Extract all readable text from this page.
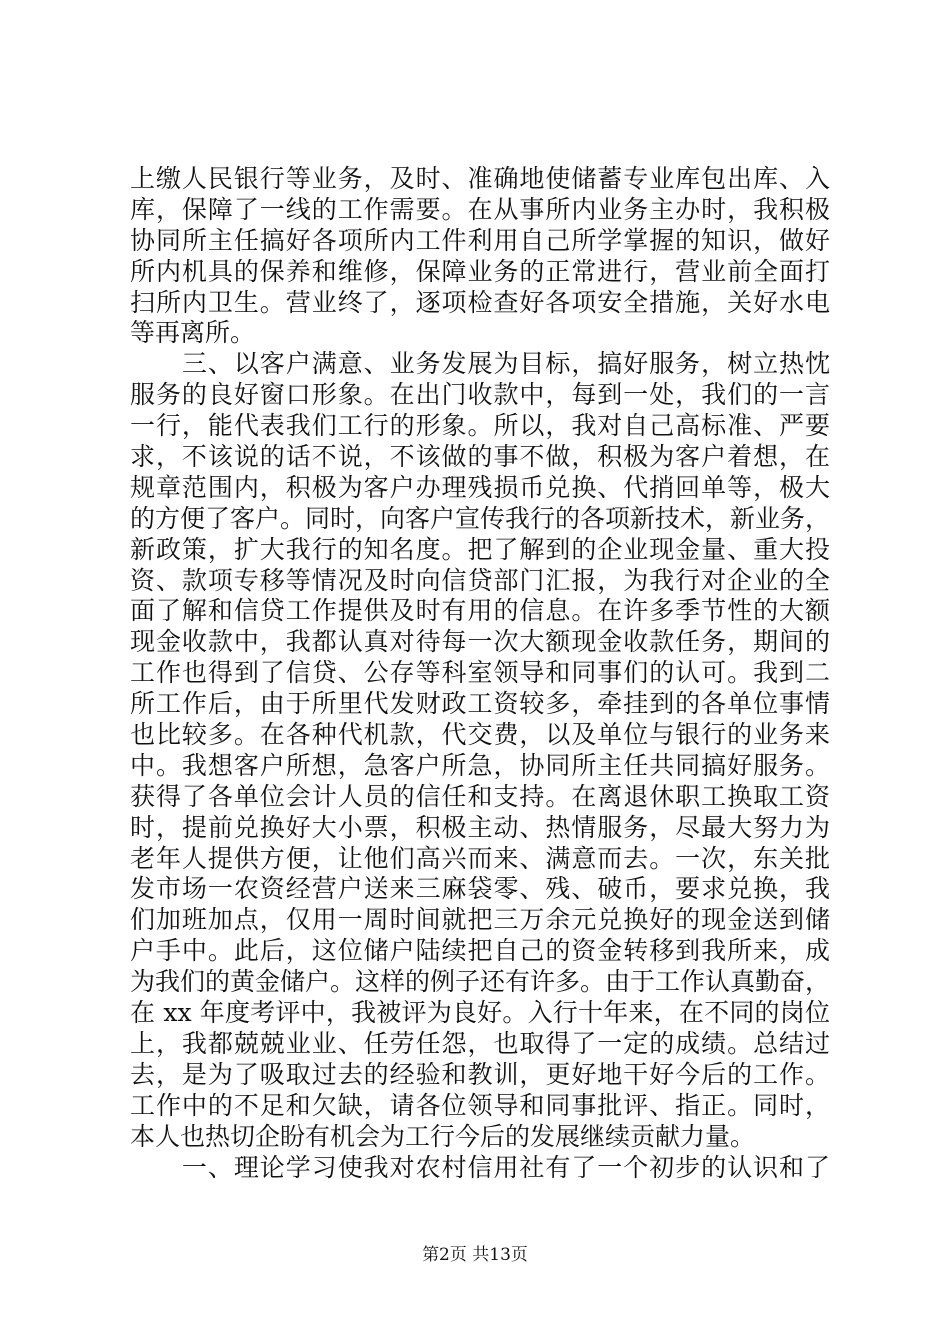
上缴人民银行等业务，及时、准确地使储蓄专业库包出库、入
库，保障了一线的工作需要。在从事所内业务主办时，我积极
协同所主任搞好各项所内工件利用自己所学掌握的知识，做好
所内机具的保养和维修，保障业务的正常进行，营业前全面打
扫所内卫生。营业终了，逐项检查好各项安全措施，关好水电
等再离所。
　　三、以客户满意、业务发展为目标，搞好服务，树立热忱
服务的良好窗口形象。在出门收款中，每到一处，我们的一言
一行，能代表我们工行的形象。所以，我对自己高标准、严要
求，不该说的话不说，不该做的事不做，积极为客户着想，在
规章范围内，积极为客户办理残损币兑换、代捎回单等，极大
的方便了客户。同时，向客户宣传我行的各项新技术，新业务，
新政策，扩大我行的知名度。把了解到的企业现金量、重大投
资、款项专移等情况及时向信贷部门汇报，为我行对企业的全
面了解和信贷工作提供及时有用的信息。在许多季节性的大额
现金收款中，我都认真对待每一次大额现金收款任务，期间的
工作也得到了信贷、公存等科室领导和同事们的认可。我到二
所工作后，由于所里代发财政工资较多，牵挂到的各单位事情
也比较多。在各种代机款，代交费，以及单位与银行的业务来
中。我想客户所想，急客户所急，协同所主任共同搞好服务。
获得了各单位会计人员的信任和支持。在离退休职工换取工资
时，提前兑换好大小票，积极主动、热情服务，尽最大努力为
老年人提供方便，让他们高兴而来、满意而去。一次，东关批
发市场一农资经营户送来三麻袋零、残、破币，要求兑换，我
们加班加点，仅用一周时间就把三万余元兑换好的现金送到储
户手中。此后，这位储户陆续把自己的资金转移到我所来，成
为我们的黄金储户。这样的例子还有许多。由于工作认真勤奋，
在 xx 年度考评中，我被评为良好。入行十年来，在不同的岗位
上，我都兢兢业业、任劳任怨，也取得了一定的成绩。总结过
去，是为了吸取过去的经验和教训，更好地干好今后的工作。
工作中的不足和欠缺，请各位领导和同事批评、指正。同时，
本人也热切企盼有机会为工行今后的发展继续贡献力量。
　　一、理论学习使我对农村信用社有了一个初步的认识和了
第2页 共13页
